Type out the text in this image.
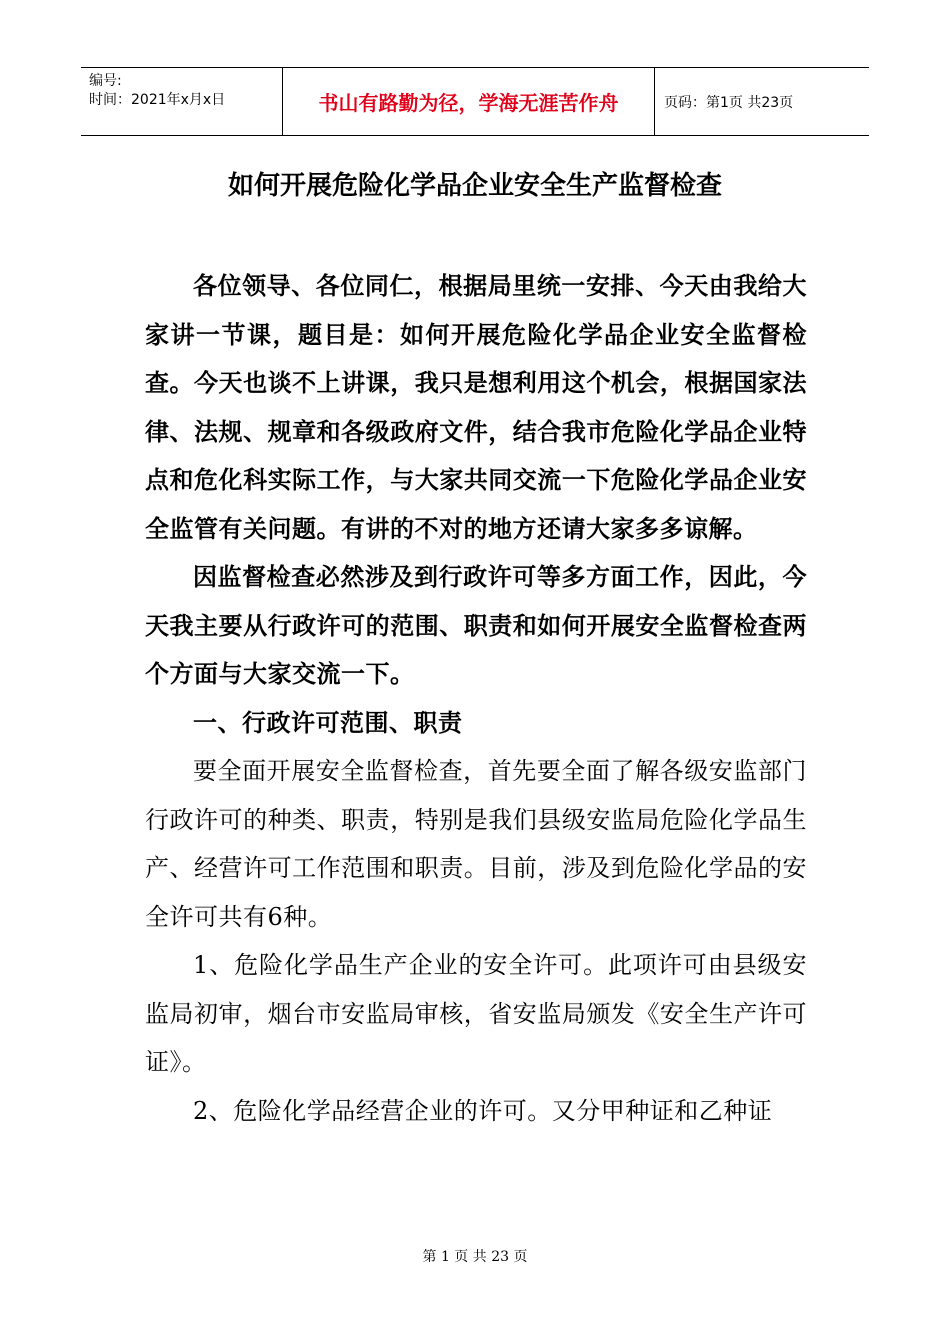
编号:
时间：2021年x月x日	书山有路勤为径，学海无涯苦作舟	页码：第1页 共23页
如何开展危险化学品企业安全生产监督检查

各位领导、各位同仁，根据局里统一安排、今天由我给大家讲一节课，题目是：如何开展危险化学品企业安全监督检查。今天也谈不上讲课，我只是想利用这个机会，根据国家法律、法规、规章和各级政府文件，结合我市危险化学品企业特点和危化科实际工作，与大家共同交流一下危险化学品企业安全监管有关问题。有讲的不对的地方还请大家多多谅解。

因监督检查必然涉及到行政许可等多方面工作，因此，今天我主要从行政许可的范围、职责和如何开展安全监督检查两个方面与大家交流一下。

一、行政许可范围、职责

要全面开展安全监督检查，首先要全面了解各级安监部门行政许可的种类、职责，特别是我们县级安监局危险化学品生产、经营许可工作范围和职责。目前，涉及到危险化学品的安全许可共有6种。

1、危险化学品生产企业的安全许可。此项许可由县级安监局初审，烟台市安监局审核，省安监局颁发《安全生产许可证》。

2、危险化学品经营企业的许可。又分甲种证和乙种证

第 1 页 共 23 页
